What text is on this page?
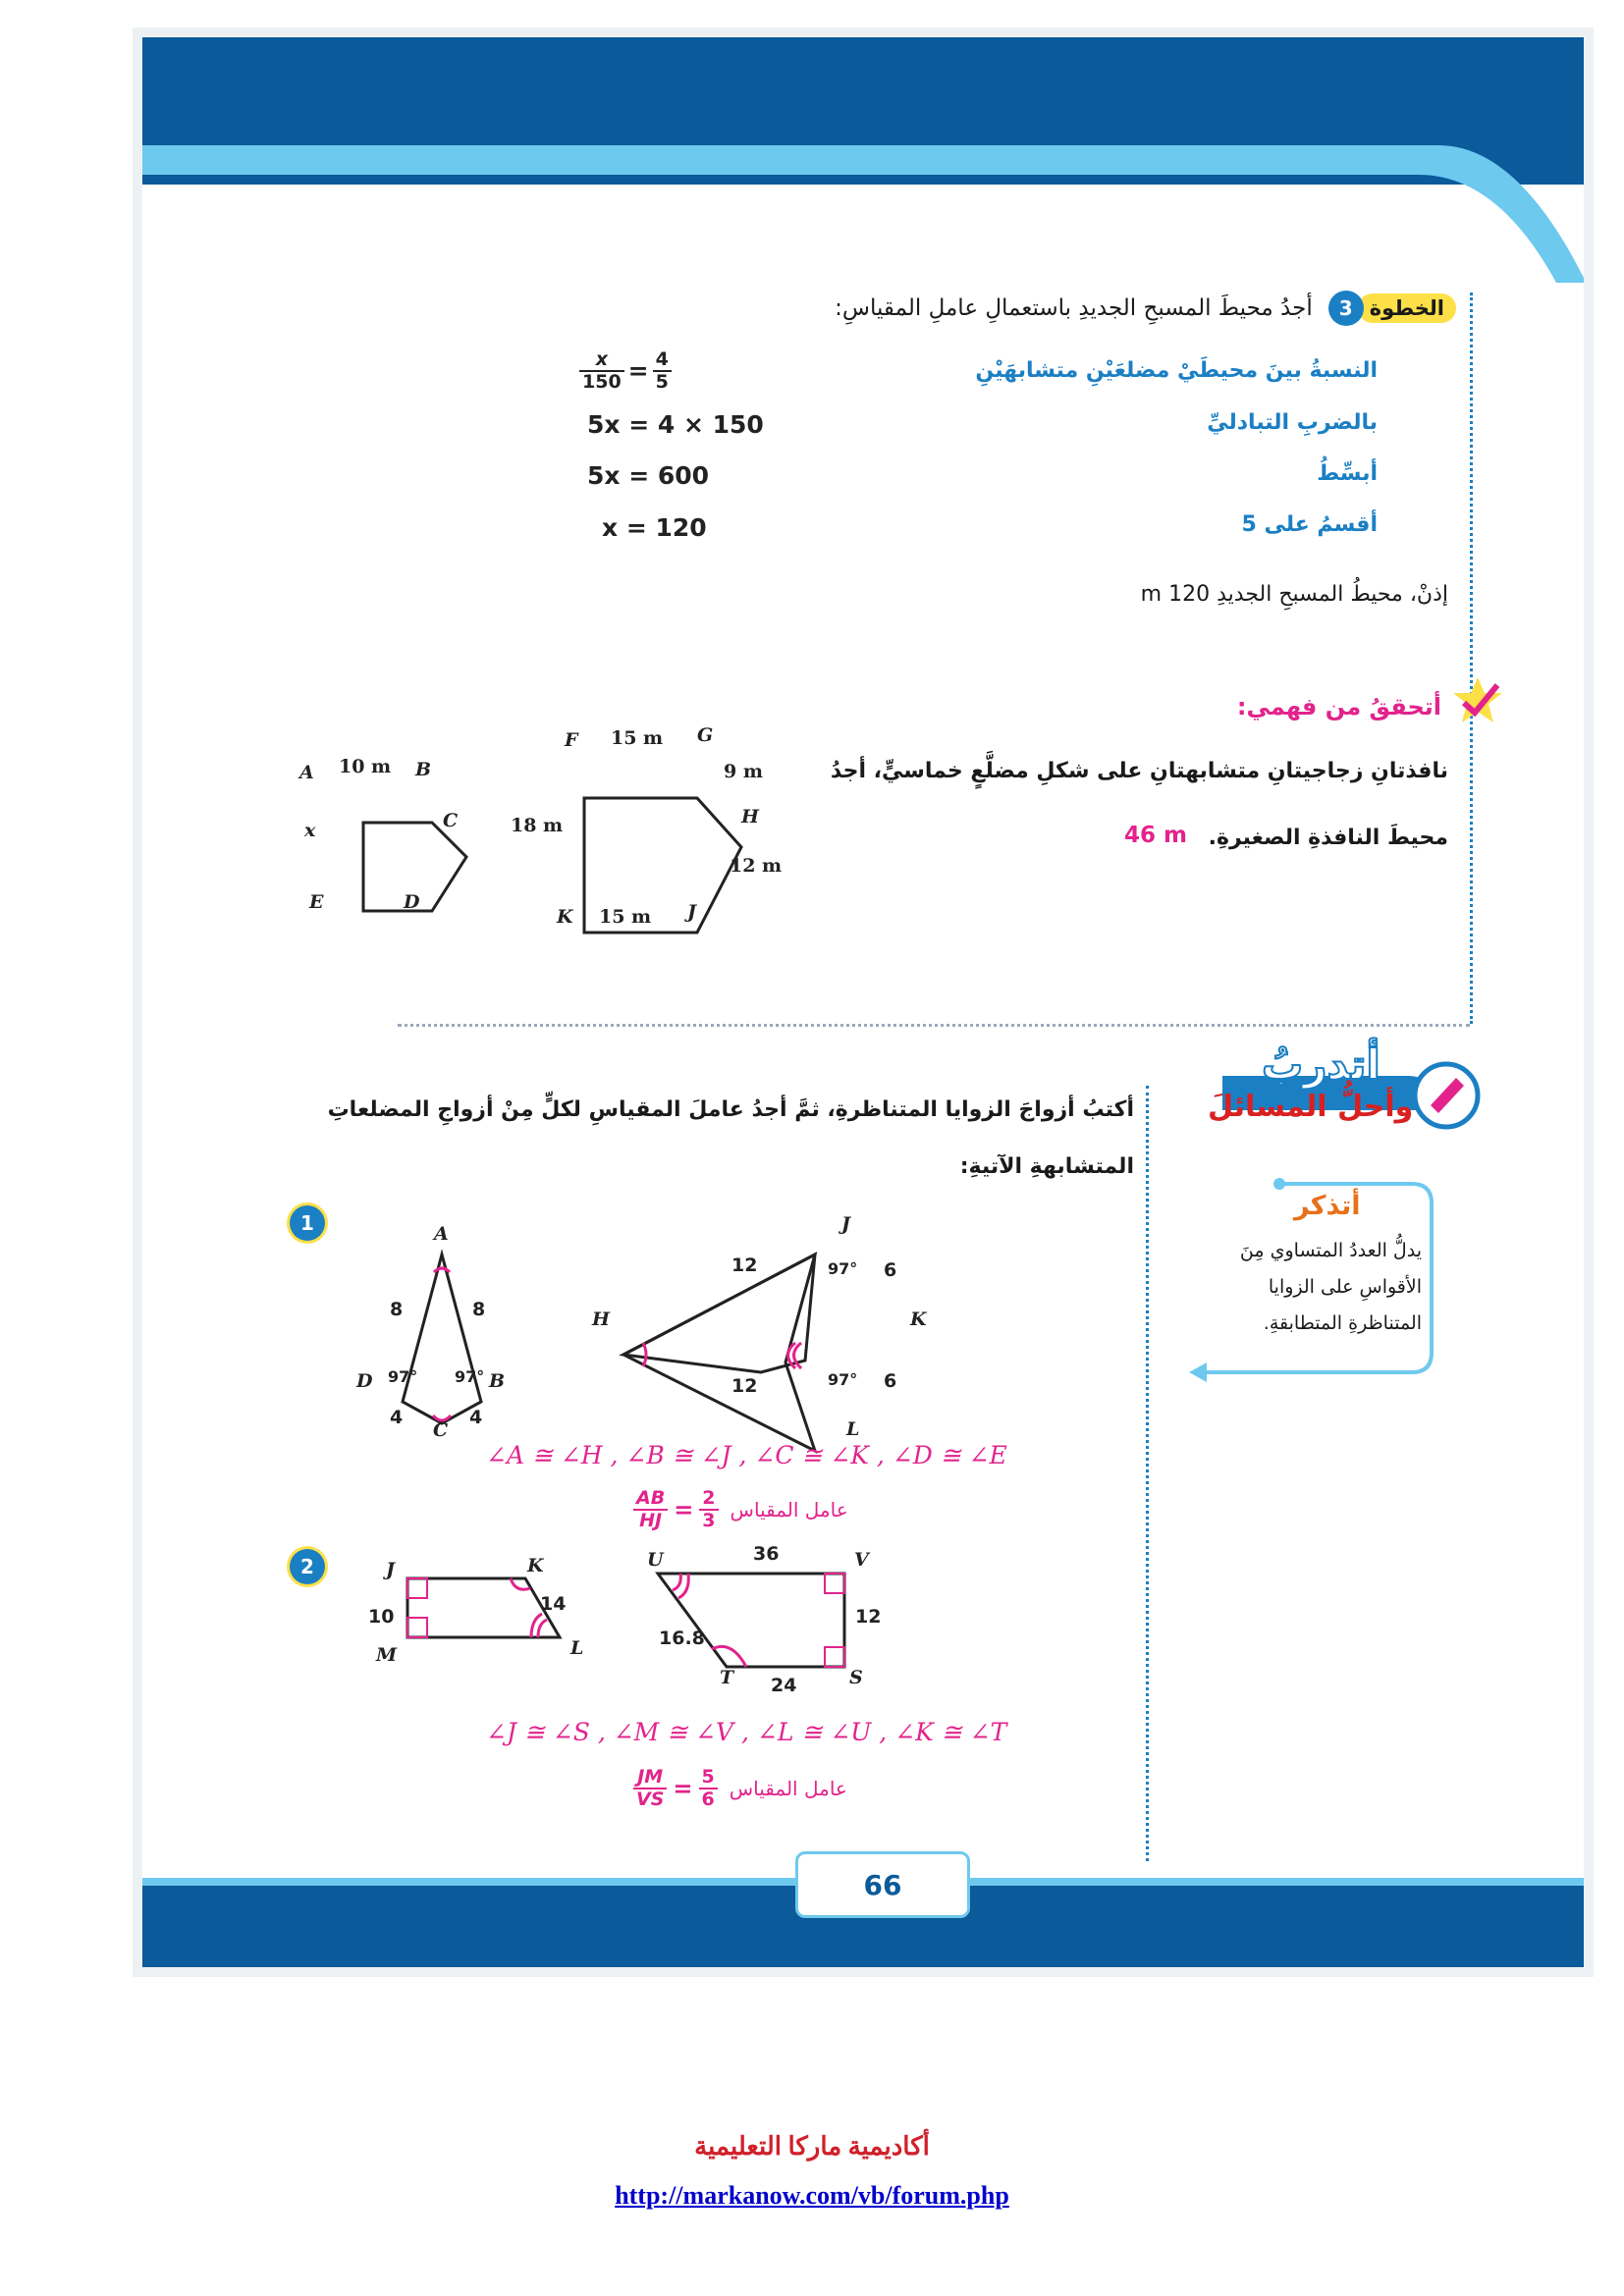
الخطوة
3
أجدُ محيطَ المسبحِ الجديدِ باستعمالِ عاملِ المقياسِ:
النسبةُ بينَ محيطَيْ مضلعَيْنِ متشابهَيْنِ
بالضربِ التبادليِّ
أبسِّطُ
أقسمُ على 5
$\frac{x}{150} = \frac{4}{5}$
5x = 4 × 150
5x = 600
x = 120
إذنْ، محيطُ المسبحِ الجديدِ 120 m
أتحققُ من فهمي:
نافذتانِ زجاجيتانِ متشابهتانِ على شكلِ مضلَّعٍ خماسيٍّ، أجدُ
محيطَ النافذةِ الصغيرةِ.
46 m
A 10 m B
C
x
E	D
F 15 m G
9 m
H
18 m
12 m
K 15 m J
أتدربُ
وأحلُّ المسائلَ
أكتبُ أزواجَ الزوايا المتناظرةِ، ثمَّ أجدُ عاملَ المقياسِ لكلٍّ مِنْ أزواجِ المضلعاتِ
المتشابهةِ الآتيةِ:
أتذكر
يدلُّ العددُ المتساوي مِنَ
الأقواسِ على الزوايا
المتناظرةِ المتطابقةِ.
1	A
8	8
D 97° 97° B
4
C
4
J
12	97° 6
H	K
12	97° 6
L
∠A ≅ ∠H , ∠B ≅ ∠J , ∠C ≅ ∠K , ∠D ≅ ∠E
$\frac{AB}{HJ} = \frac{2}{3}$ عامل المقياس
2	J	K
10
14
M	L
U	36	V
16.8
12
T 24	S
∠J ≅ ∠S , ∠M ≅ ∠V , ∠L ≅ ∠U , ∠K ≅ ∠T
$\frac{JM}{VS} = \frac{5}{6}$ عامل المقياس
66
أكاديمية ماركا التعليمية
http://markanow.com/vb/forum.php
